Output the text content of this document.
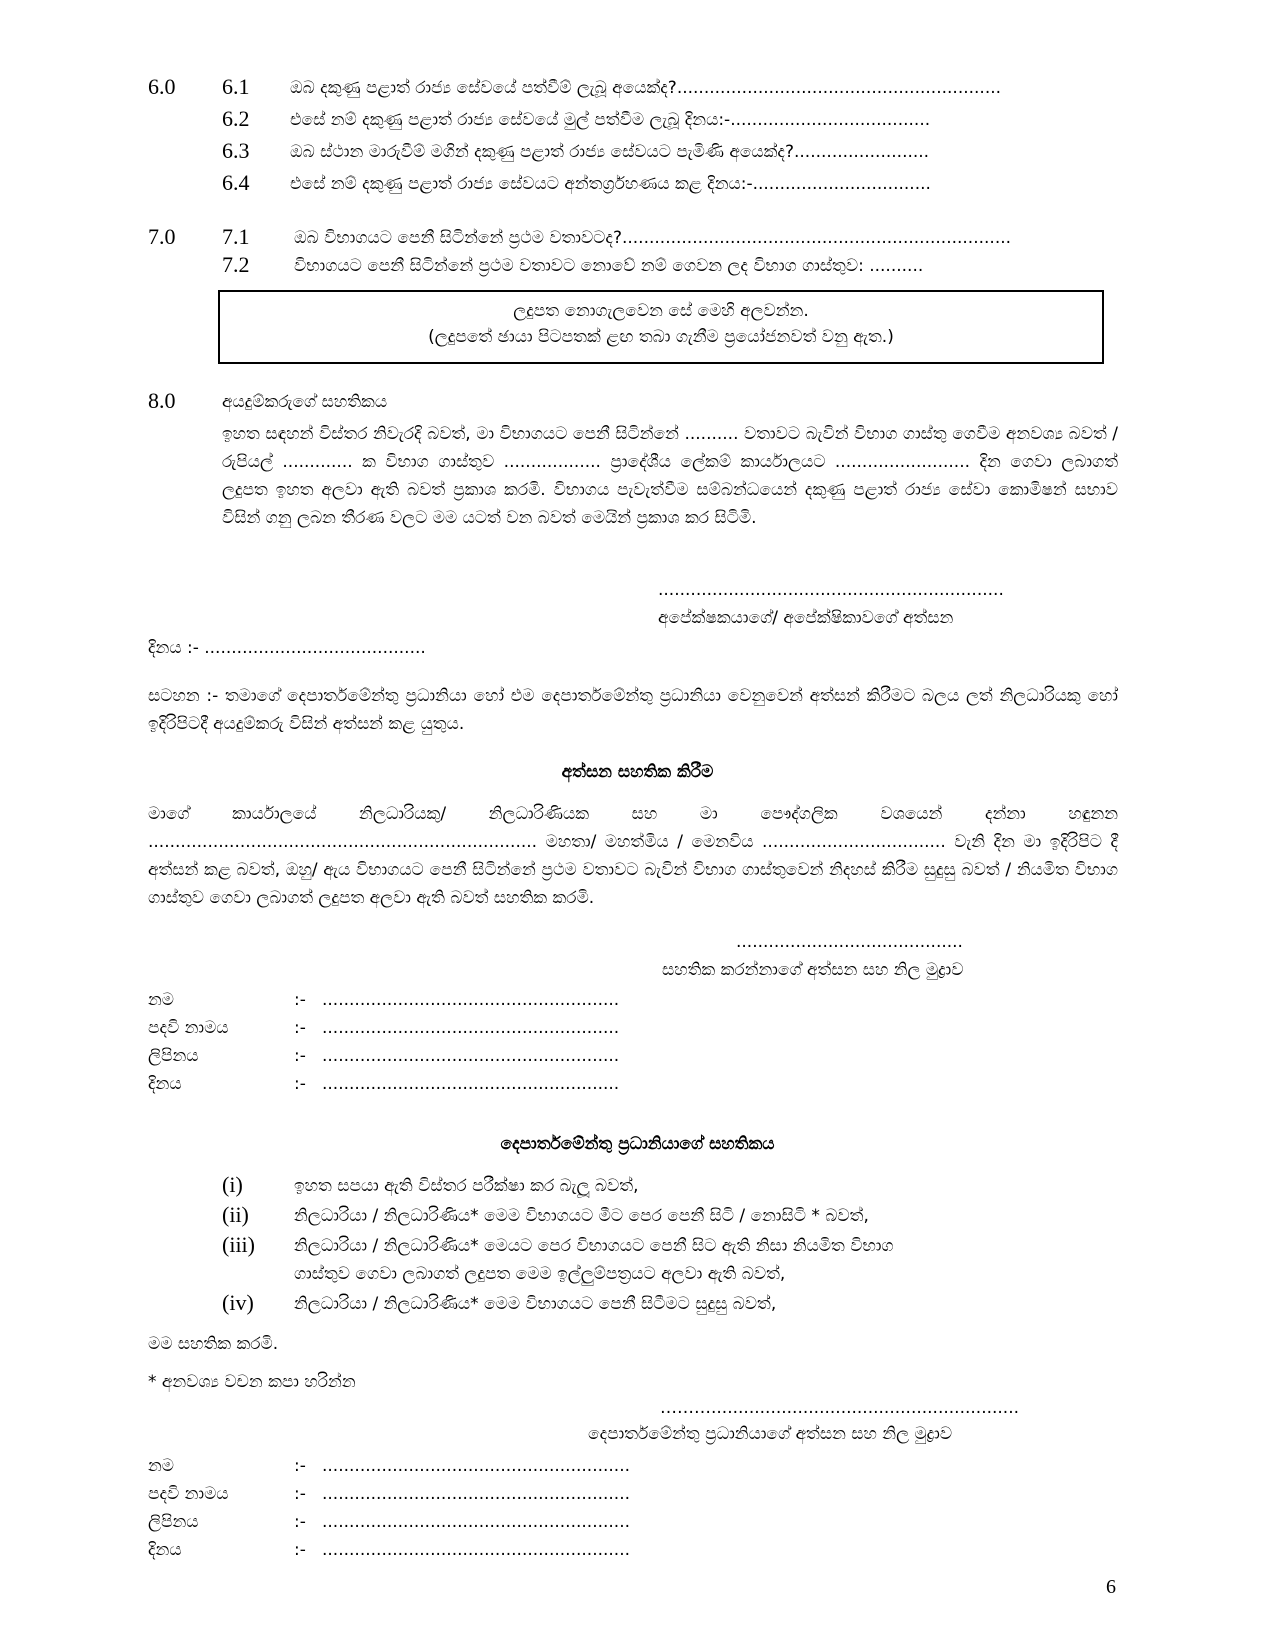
6.0 6.1 ඔබ දකුණු පළාත් රාජ්‍ය සේවයේ පත්වීම් ලැබූ අයෙක්ද?............................................................
6.2 එසේ නම් දකුණු පළාත් රාජ්‍ය සේවයේ මුල් පත්වීම ලැබූ දිනය:-.....................................
6.3 ඔබ ස්ථාන මාරුවීම් මගින් දකුණු පළාත් රාජ්‍ය සේවයට පැමිණි අයෙක්ද?.........................
6.4 එසේ නම් දකුණු පළාත් රාජ්‍ය සේවයට අන්තර්ග්‍රහණය කළ දිනය:-.................................
7.0 7.1	ඔබ විභාගයට පෙනී සිටින්නේ ප්‍රථම වතාවටද?........................................................................
7.2	විභාගයට පෙනී සිටින්නේ ප්‍රථම වතාවට නොවේ නම් ගෙවන ලද විභාග ගාස්තුව: ..........
ලදුපත නොගැලවෙන සේ මෙහි අලවන්න.
(ලදුපතේ ඡායා පිටපතක් ළඟ තබා ගැනීම ප්‍රයෝජනවත් වනු ඇත.)
8.0	අයදුම්කරුගේ සහතිකය
ඉහත සඳහන් විස්තර නිවැරදි බවත්, මා විභාගයට පෙනී සිටින්නේ .......... වතාවට බැවින් විභාග ගාස්තු ගෙවීම අනවශ්‍ය බවත් / රුපියල් ............. ක විභාග ගාස්තුව .................. ප්‍රාදේශීය ලේකම් කාර්යාලයට ......................... දින ගෙවා ලබාගත් ලදුපත ඉහත අලවා ඇති බවත් ප්‍රකාශ කරමි. විභාගය පැවැත්වීම සම්බන්ධයෙන් දකුණු පළාත් රාජ්‍ය සේවා කොමිෂන් සභාව විසින් ගනු ලබන තීරණ වලට මම යටත් වන බවත් මෙයින් ප්‍රකාශ කර සිටිමි.
................................................................
අපේක්ෂකයාගේ/ අපේක්ෂිකාවගේ අත්සන
දිනය :- .........................................
සටහන :- තමාගේ දෙපාර්තමේන්තු ප්‍රධානියා හෝ එම දෙපාර්තමේන්තු ප්‍රධානියා වෙනුවෙන් අත්සන් කිරීමට බලය ලත් නිලධාරියකු හෝ ඉදිරිපිටදී අයදුම්කරු විසින් අත්සන් කළ යුතුය.
අත්සන සහතික කිරීම
මාගේ කාර්යාලයේ නිලධාරියකු/ නිලධාරිණියක සහ මා පෞද්ගලික වශයෙන් දන්නා හඳුනන ........................................................................ මහතා/ මහත්මිය / මෙනවිය .................................. වැනි දින මා ඉදිරිපිට දී අත්සන් කළ බවත්, ඔහු/ ඇය විභාගයට පෙනී සිටින්නේ ප්‍රථම වතාවට බැවින් විභාග ගාස්තුවෙන් නිදහස් කිරීම සුදුසු බවත් / නියමිත විභාග ගාස්තුව ගෙවා ලබාගත් ලදුපත අලවා ඇති බවත් සහතික කරමි.
..........................................
සහතික කරන්නාගේ අත්සන සහ නිල මුද්‍රාව
නම	:- .......................................................
පදවි නාමය	:- .......................................................
ලිපිනය	:- .......................................................
දිනය	:- .......................................................
දෙපාර්තමේන්තු ප්‍රධානියාගේ සහතිකය
(i)	ඉහත සපයා ඇති විස්තර පරීක්ෂා කර බැලූ බවත්,
(ii)	නිලධාරියා / නිලධාරිණිය* මෙම විභාගයට මීට පෙර පෙනී සිටි / නොසිටි * බවත්,
(iii) නිලධාරියා / නිලධාරිණිය* මෙයට පෙර විභාගයට පෙනී සිට ඇති නිසා නියමිත විභාග
ගාස්තුව ගෙවා ලබාගත් ලදුපත මෙම ඉල්ලුම්පත්‍රයට අලවා ඇති බවත්,
(iv) නිලධාරියා / නිලධාරිණිය* මෙම විභාගයට පෙනී සිටීමට සුදුසු බවත්,
මම සහතික කරමි.
* අනවශ්‍ය වචන කපා හරින්න
……….........................................................
දෙපාර්තමේන්තු ප්‍රධානියාගේ අත්සන සහ නිල මුද්‍රාව
නම	:- .........................................................
පදවි නාමය	:- .........................................................
ලිපිනය	:- .........................................................
දිනය	:- .........................................................
6
